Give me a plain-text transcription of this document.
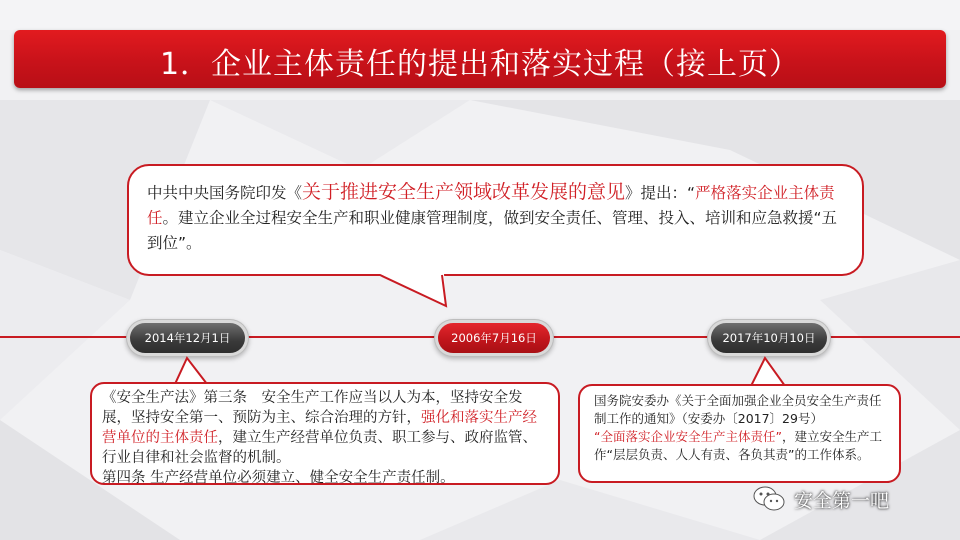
1．企业主体责任的提出和落实过程（接上页）
中共中央国务院印发《关于推进安全生产领域改革发展的意见》提出：“严格落实企业主体责任。建立企业全过程安全生产和职业健康管理制度，做到安全责任、管理、投入、培训和应急救援“五到位”。
2014年12月1日	2006年7月16日	2017年10月10日
《安全生产法》第三条　安全生产工作应当以人为本，坚持安全发展，坚持安全第一、预防为主、综合治理的方针，强化和落实生产经营单位的主体责任，建立生产经营单位负责、职工参与、政府监管、行业自律和社会监督的机制。
第四条 生产经营单位必须建立、健全安全生产责任制。
国务院安委办《关于全面加强企业全员安全生产责任制工作的通知》（安委办〔2017〕29号）
“全面落实企业安全生产主体责任”，建立安全生产工作“层层负责、人人有责、各负其责”的工作体系。
安全第一吧
